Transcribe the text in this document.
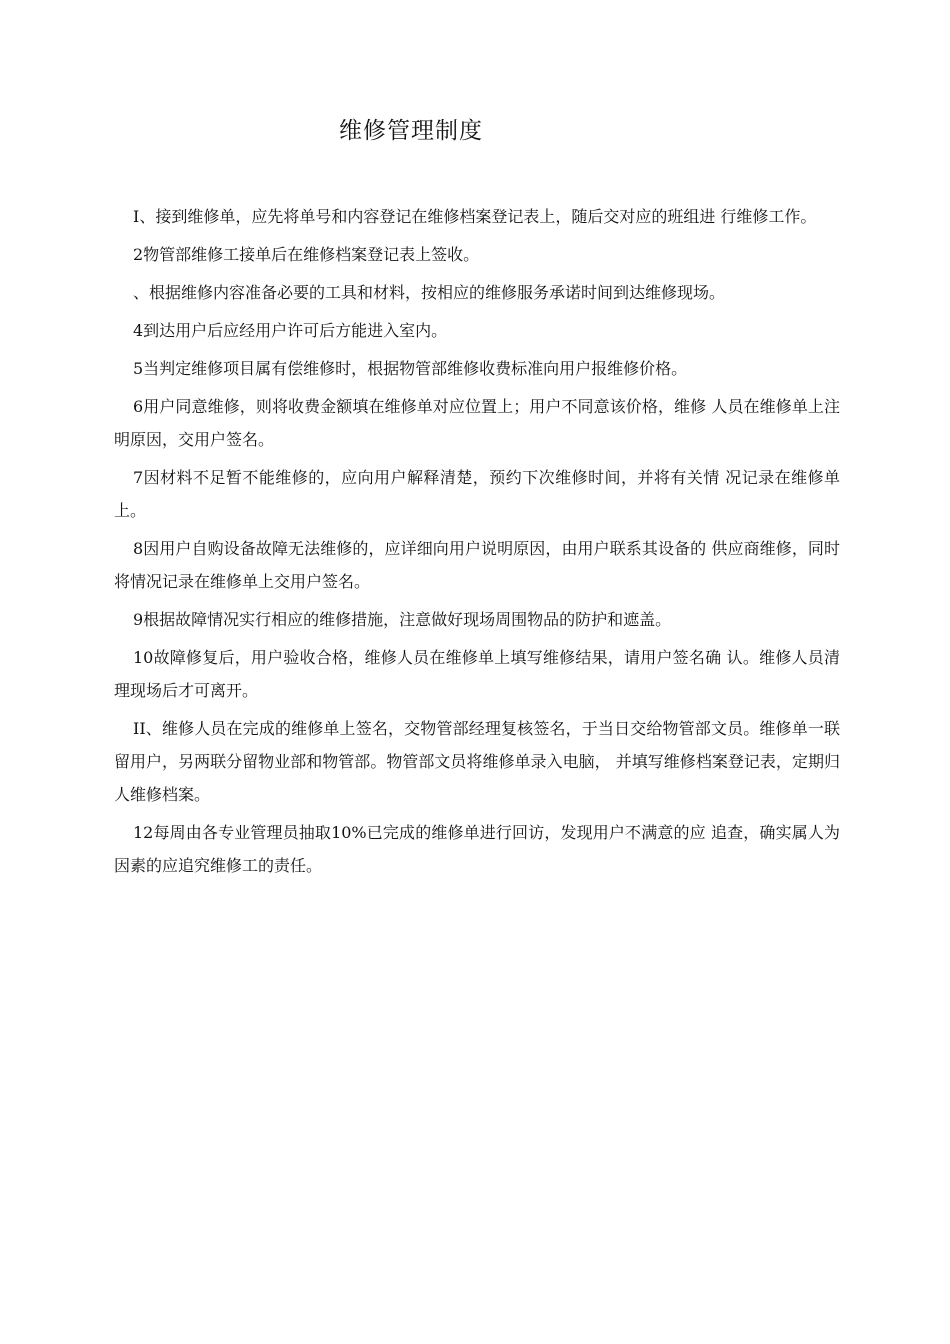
维修管理制度

I、接到维修单，应先将单号和内容登记在维修档案登记表上，随后交对应的班组进 行维修工作。

2物管部维修工接单后在维修档案登记表上签收。

、根据维修内容准备必要的工具和材料，按相应的维修服务承诺时间到达维修现场。

4到达用户后应经用户许可后方能进入室内。

5当判定维修项目属有偿维修时，根据物管部维修收费标准向用户报维修价格。

6用户同意维修，则将收费金额填在维修单对应位置上；用户不同意该价格，维修 人员在维修单上注明原因，交用户签名。

7因材料不足暂不能维修的，应向用户解释清楚，预约下次维修时间，并将有关情 况记录在维修单上。

8因用户自购设备故障无法维修的，应详细向用户说明原因，由用户联系其设备的 供应商维修，同时将情况记录在维修单上交用户签名。

9根据故障情况实行相应的维修措施，注意做好现场周围物品的防护和遮盖。

10故障修复后，用户验收合格，维修人员在维修单上填写维修结果，请用户签名确 认。维修人员清理现场后才可离开。

II、维修人员在完成的维修单上签名，交物管部经理复核签名，于当日交给物管部文员。维修单一联留用户，另两联分留物业部和物管部。物管部文员将维修单录入电脑， 并填写维修档案登记表，定期归人维修档案。

12每周由各专业管理员抽取10%已完成的维修单进行回访，发现用户不满意的应 追查，确实属人为因素的应追究维修工的责任。
